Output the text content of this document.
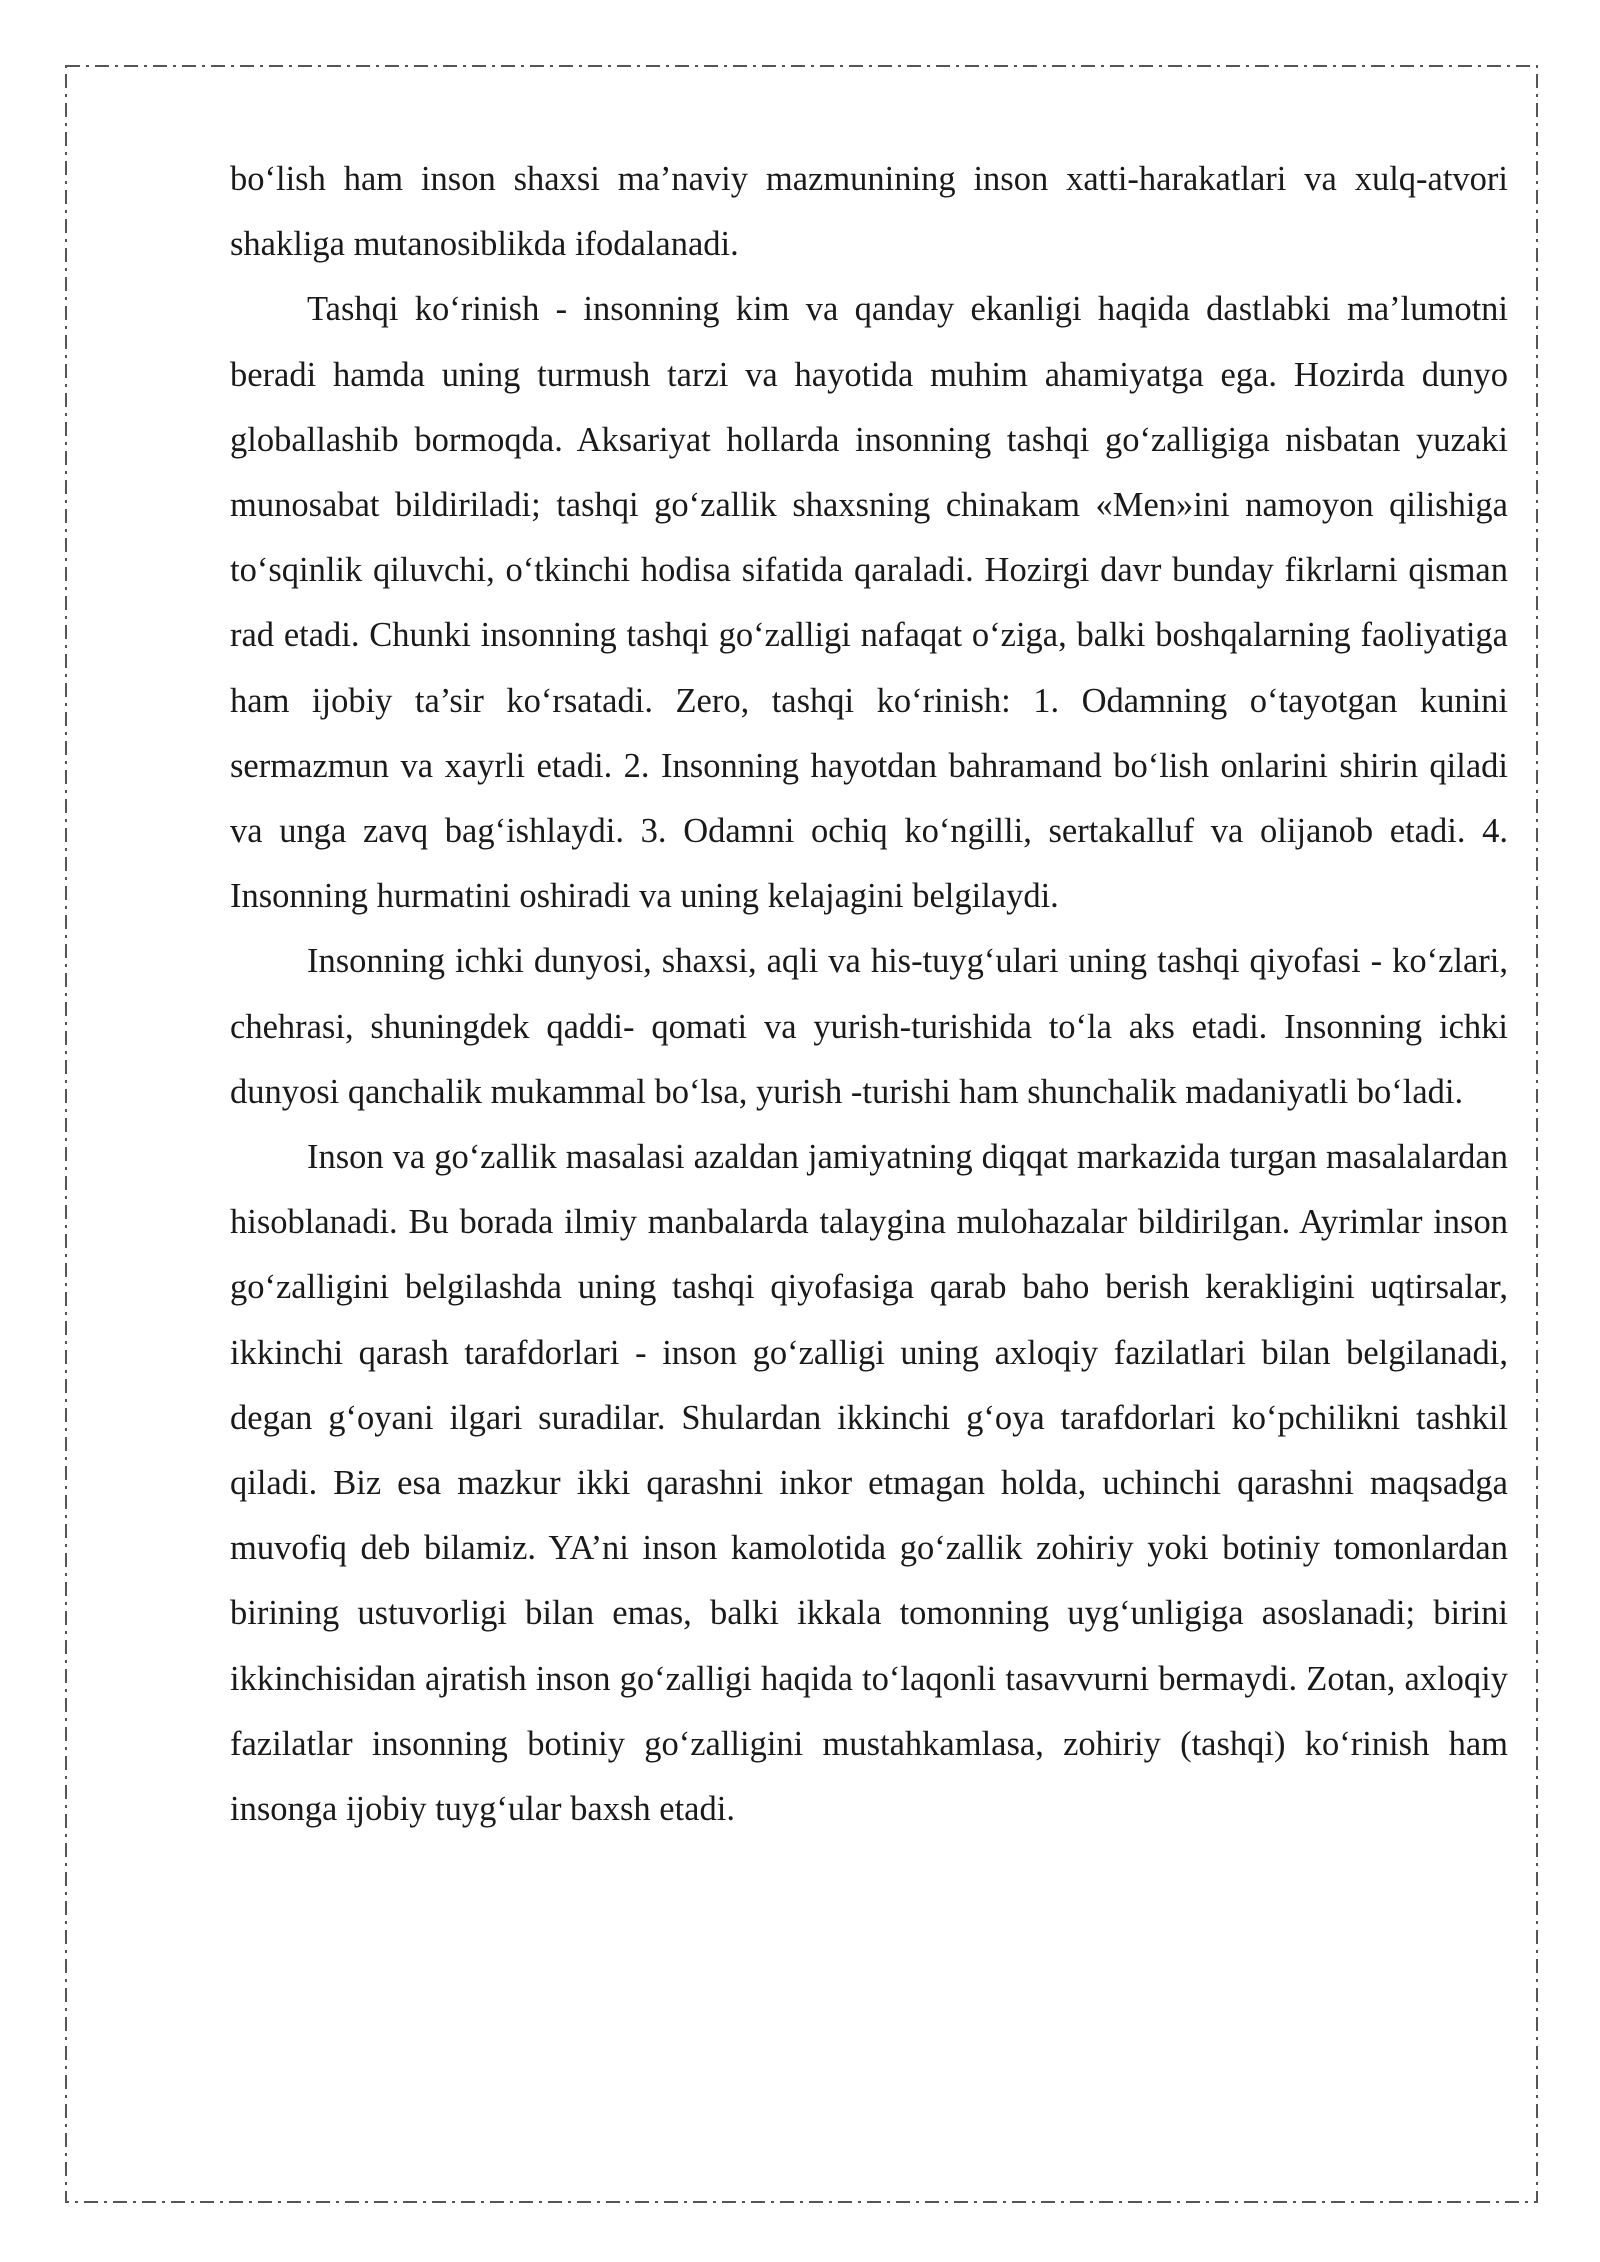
bo‘lish ham inson shaxsi ma’naviy mazmunining inson xatti-harakatlari va xulq-atvori shakliga mutanosiblikda ifodalanadi.

Tashqi ko‘rinish - insonning kim va qanday ekanligi haqida dastlabki ma’lumotni beradi hamda uning turmush tarzi va hayotida muhim ahamiyatga ega. Hozirda dunyo globallashib bormoqda. Aksariyat hollarda insonning tashqi go‘zalligiga nisbatan yuzaki munosabat bildiriladi; tashqi go‘zallik shaxsning chinakam «Men»ini namoyon qilishiga to‘sqinlik qiluvchi, o‘tkinchi hodisa sifatida qaraladi. Hozirgi davr bunday fikrlarni qisman rad etadi. Chunki insonning tashqi go‘zalligi nafaqat o‘ziga, balki boshqalarning faoliyatiga ham ijobiy ta’sir ko‘rsatadi. Zero, tashqi ko‘rinish: 1. Odamning o‘tayotgan kunini sermazmun va xayrli etadi. 2. Insonning hayotdan bahramand bo‘lish onlarini shirin qiladi va unga zavq bag‘ishlaydi. 3. Odamni ochiq ko‘ngilli, sertakalluf va olijanob etadi. 4. Insonning hurmatini oshiradi va uning kelajagini belgilaydi.

Insonning ichki dunyosi, shaxsi, aqli va his-tuyg‘ulari uning tashqi qiyofasi - ko‘zlari, chehrasi, shuningdek qaddi- qomati va yurish-turishida to‘la aks etadi. Insonning ichki dunyosi qanchalik mukammal bo‘lsa, yurish -turishi ham shunchalik madaniyatli bo‘ladi.

Inson va go‘zallik masalasi azaldan jamiyatning diqqat markazida turgan masalalardan hisoblanadi. Bu borada ilmiy manbalarda talaygina mulohazalar bildirilgan. Ayrimlar inson go‘zalligini belgilashda uning tashqi qiyofasiga qarab baho berish kerakligini uqtirsalar, ikkinchi qarash tarafdorlari - inson go‘zalligi uning axloqiy fazilatlari bilan belgilanadi, degan g‘oyani ilgari suradilar. Shulardan ikkinchi g‘oya tarafdorlari ko‘pchilikni tashkil qiladi. Biz esa mazkur ikki qarashni inkor etmagan holda, uchinchi qarashni maqsadga muvofiq deb bilamiz. YA’ni inson kamolotida go‘zallik zohiriy yoki botiniy tomonlardan birining ustuvorligi bilan emas, balki ikkala tomonning uyg‘unligiga asoslanadi; birini ikkinchisidan ajratish inson go‘zalligi haqida to‘laqonli tasavvurni bermaydi. Zotan, axloqiy fazilatlar insonning botiniy go‘zalligini mustahkamlasa, zohiriy (tashqi) ko‘rinish ham insonga ijobiy tuyg‘ular baxsh etadi.
